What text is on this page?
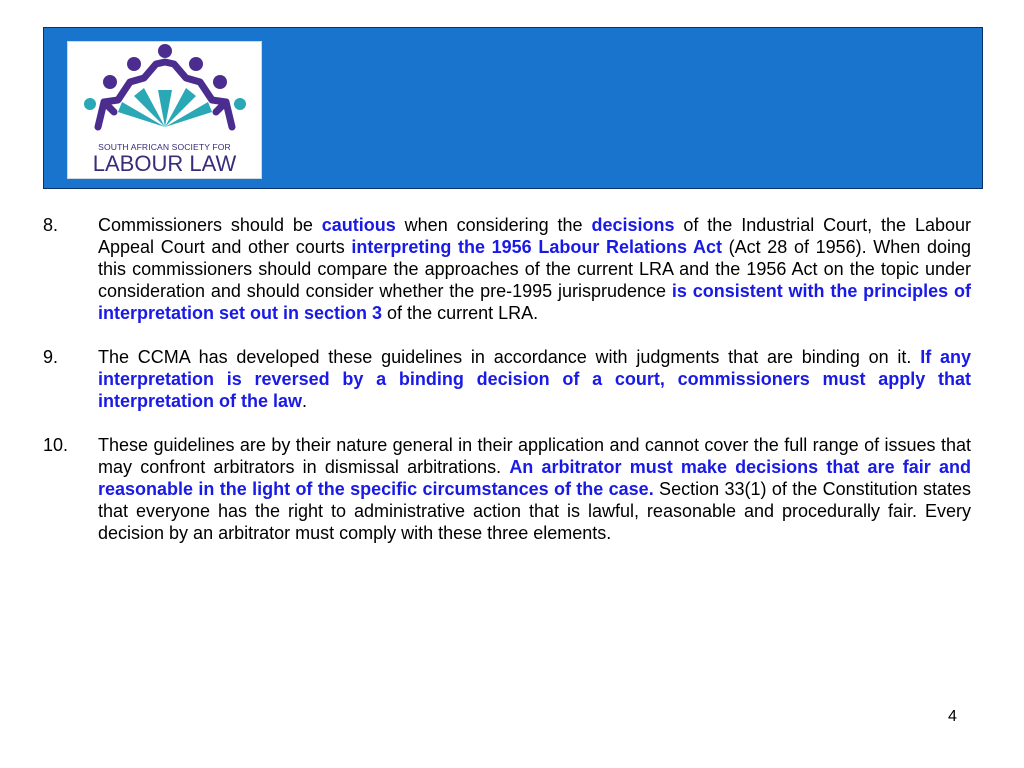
SOUTH AFRICAN SOCIETY FOR
LABOUR LAW
8.	Commissioners should be cautious when considering the decisions of the Industrial Court, the Labour Appeal Court and other courts interpreting the 1956 Labour Relations Act (Act 28 of 1956). When doing this commissioners should compare the approaches of the current LRA and the 1956 Act on the topic under consideration and should consider whether the pre-1995 jurisprudence is consistent with the principles of interpretation set out in section 3 of the current LRA.
9.	The CCMA has developed these guidelines in accordance with judgments that are binding on it. If any interpretation is reversed by a binding decision of a court, commissioners must apply that interpretation of the law.
10.	These guidelines are by their nature general in their application and cannot cover the full range of issues that may confront arbitrators in dismissal arbitrations. An arbitrator must make decisions that are fair and reasonable in the light of the specific circumstances of the case. Section 33(1) of the Constitution states that everyone has the right to administrative action that is lawful, reasonable and procedurally fair. Every decision by an arbitrator must comply with these three elements.
4
